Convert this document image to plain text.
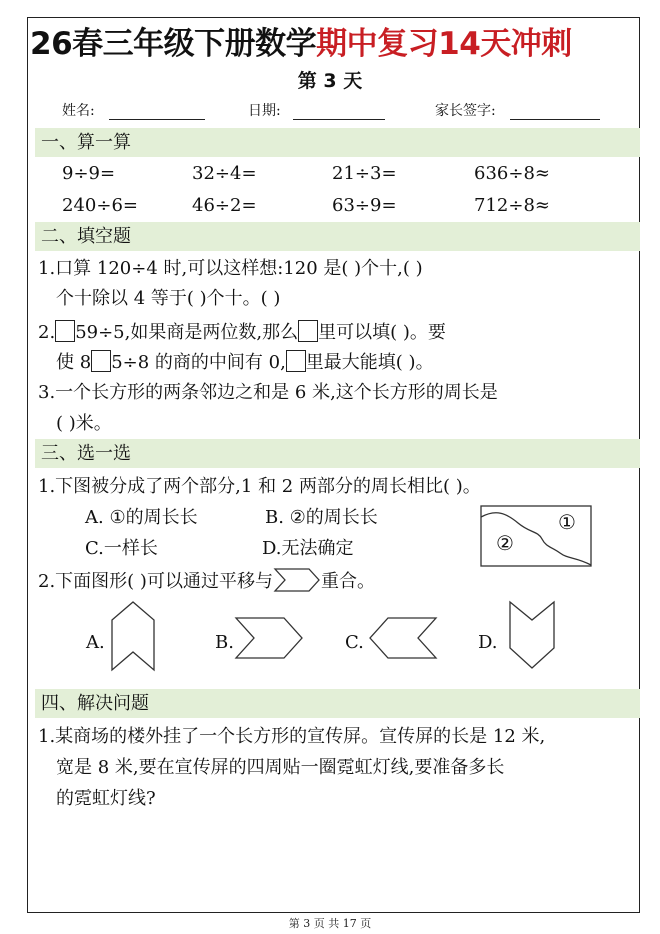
26春三年级下册数学期中复习14天冲刺
第 3 天
姓名:	日期:	家长签字:
一、算一算
9÷9=	32÷4=	21÷3=	636÷8≈
240÷6=	46÷2=	63÷9=	712÷8≈
二、填空题
1.口算 120÷4 时,可以这样想:120 是( )个十,( )
个十除以 4 等于( )个十。( )
2. 59÷5,如果商是两位数,那么 里可以填( )。要
使 8 5÷8 的商的中间有 0, 里最大能填( )。
3.一个长方形的两条邻边之和是 6 米,这个长方形的周长是
( )米。
三、选一选
1.下图被分成了两个部分,1 和 2 两部分的周长相比( )。
A. ①的周长长	B. ②的周长长
C.一样长	D.无法确定
①
②
2.下面图形( )可以通过平移与	重合。
A.	B.	C.	D.
四、解决问题
1.某商场的楼外挂了一个长方形的宣传屏。宣传屏的长是 12 米,
宽是 8 米,要在宣传屏的四周贴一圈霓虹灯线,要准备多长
的霓虹灯线?
第 3 页 共 17 页
